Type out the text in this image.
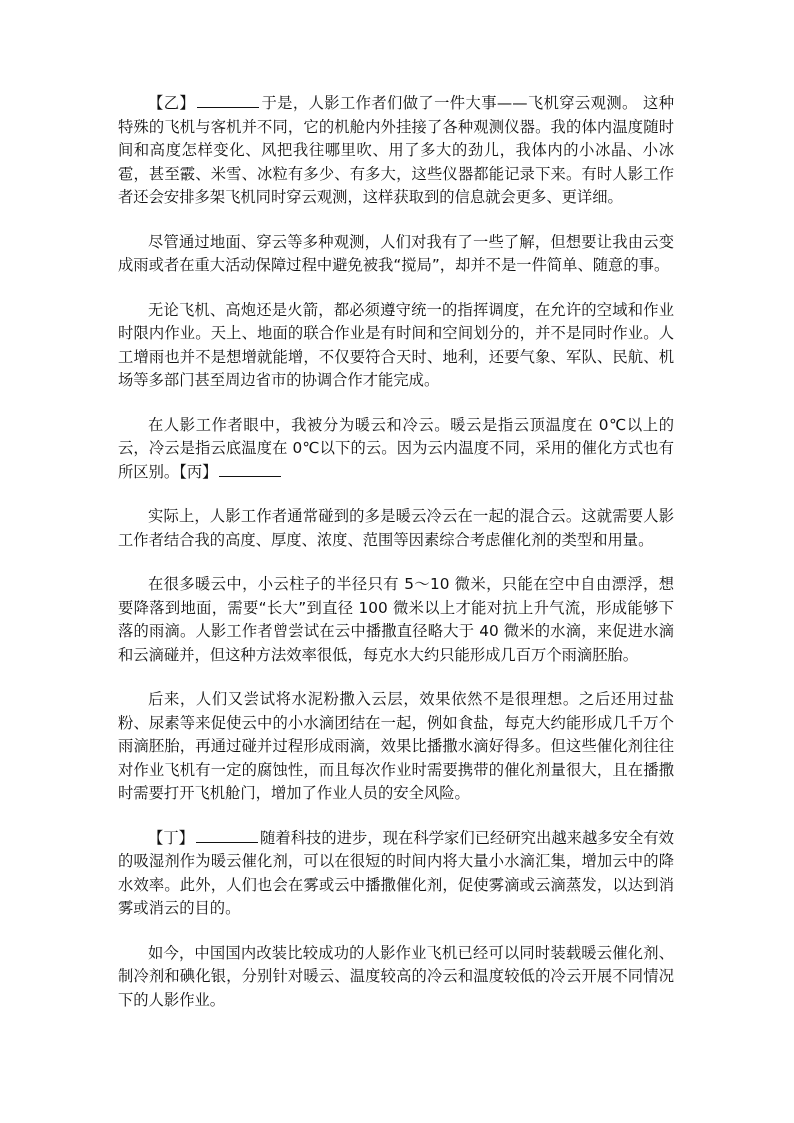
【乙】	于是，人影工作者们做了一件大事——飞机穿云观测。 这种特殊的飞机与客机并不同，它的机舱内外挂接了各种观测仪器。我的体内温度随时间和高度怎样变化、风把我往哪里吹、用了多大的劲儿，我体内的小冰晶、小冰雹，甚至霰、米雪、冰粒有多少、有多大，这些仪器都能记录下来。有时人影工作者还会安排多架飞机同时穿云观测，这样获取到的信息就会更多、更详细。

尽管通过地面、穿云等多种观测，人们对我有了一些了解，但想要让我由云变成雨或者在重大活动保障过程中避免被我“搅局”，却并不是一件简单、随意的事。

无论飞机、高炮还是火箭，都必须遵守统一的指挥调度，在允许的空域和作业时限内作业。天上、地面的联合作业是有时间和空间划分的，并不是同时作业。人工增雨也并不是想增就能增，不仅要符合天时、地利，还要气象、军队、民航、机场等多部门甚至周边省市的协调合作才能完成。

在人影工作者眼中，我被分为暖云和冷云。暖云是指云顶温度在 0℃以上的云，冷云是指云底温度在 0℃以下的云。因为云内温度不同，采用的催化方式也有所区别。【丙】

实际上，人影工作者通常碰到的多是暖云冷云在一起的混合云。这就需要人影工作者结合我的高度、厚度、浓度、范围等因素综合考虑催化剂的类型和用量。

在很多暖云中，小云柱子的半径只有 5～10 微米，只能在空中自由漂浮，想要降落到地面，需要“长大”到直径 100 微米以上才能对抗上升气流，形成能够下落的雨滴。人影工作者曾尝试在云中播撒直径略大于 40 微米的水滴，来促进水滴和云滴碰并，但这种方法效率很低，每克水大约只能形成几百万个雨滴胚胎。

后来，人们又尝试将水泥粉撒入云层，效果依然不是很理想。之后还用过盐粉、尿素等来促使云中的小水滴团结在一起，例如食盐，每克大约能形成几千万个雨滴胚胎，再通过碰并过程形成雨滴，效果比播撒水滴好得多。但这些催化剂往往对作业飞机有一定的腐蚀性，而且每次作业时需要携带的催化剂量很大，且在播撒时需要打开飞机舱门，增加了作业人员的安全风险。

【丁】	随着科技的进步，现在科学家们已经研究出越来越多安全有效的吸湿剂作为暖云催化剂，可以在很短的时间内将大量小水滴汇集，增加云中的降水效率。此外，人们也会在雾或云中播撒催化剂，促使雾滴或云滴蒸发，以达到消雾或消云的目的。

如今，中国国内改装比较成功的人影作业飞机已经可以同时装载暖云催化剂、制冷剂和碘化银，分别针对暖云、温度较高的冷云和温度较低的冷云开展不同情况下的人影作业。
